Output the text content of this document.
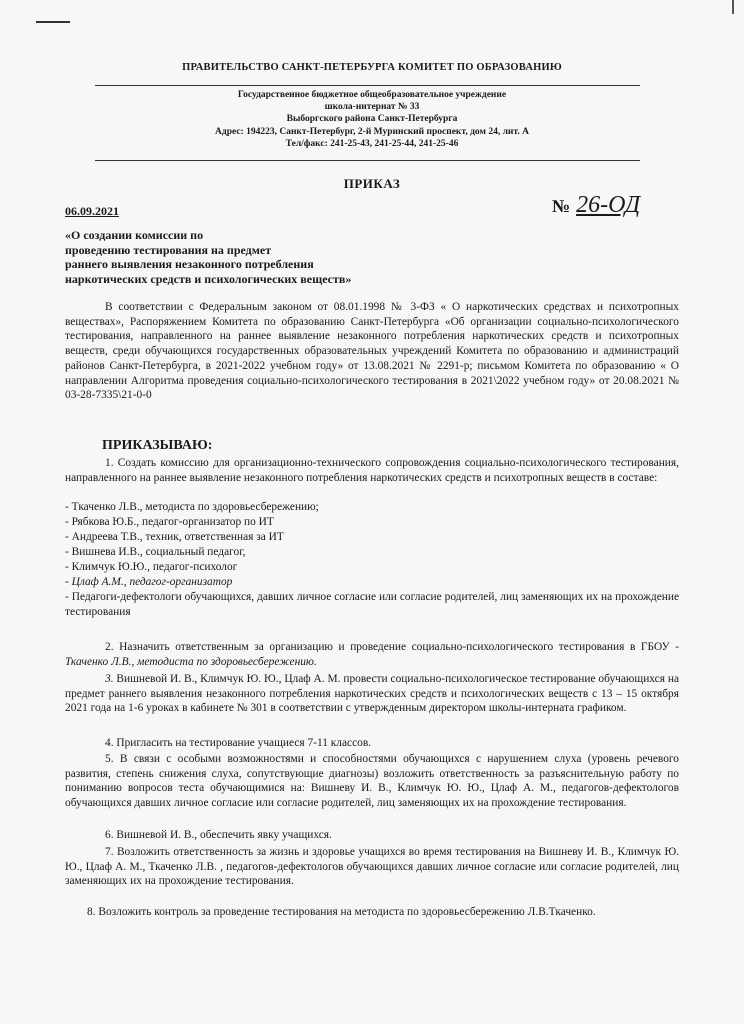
ПРАВИТЕЛЬСТВО САНКТ-ПЕТЕРБУРГА КОМИТЕТ ПО ОБРАЗОВАНИЮ
Государственное бюджетное общеобразовательное учреждение
школа-интернат № 33
Выборгского района Санкт-Петербурга
Адрес: 194223, Санкт-Петербург, 2-й Муринский проспект, дом 24, лит. А
Тел/факс: 241-25-43, 241-25-44, 241-25-46
ПРИКАЗ
06.09.2021	№ 26-ОД
«О создании комиссии по
проведению тестирования на предмет
раннего выявления незаконного потребления
наркотических средств и психологических веществ»
В соответствии с Федеральным законом от 08.01.1998 № 3-ФЗ « О наркотических средствах и психотропных веществах», Распоряжением Комитета по образованию Санкт-Петербурга «Об организации социально-психологического тестирования, направленного на раннее выявление незаконного потребления наркотических средств и психотропных веществ, среди обучающихся государственных образовательных учреждений Комитета по образованию и администраций районов Санкт-Петербурга, в 2021-2022 учебном году» от 13.08.2021 № 2291-р; письмом Комитета по образованию « О направлении Алгоритма проведения социально-психологического тестирования в 2021\2022 учебном году» от 20.08.2021 № 03-28-7335\21-0-0
ПРИКАЗЫВАЮ:
1. Создать комиссию для организационно-технического сопровождения социально-психологического тестирования, направленного на раннее выявление незаконного потребления наркотических средств и психотропных веществ в составе:
- Ткаченко Л.В., методиста по здоровьесбережению;
- Рябкова Ю.Б., педагог-организатор по ИТ
- Андреева Т.В., техник, ответственная за ИТ
- Вишнева И.В., социальный педагог,
- Климчук Ю.Ю., педагог-психолог
- Цлаф А.М., педагог-организатор
- Педагоги-дефектологи обучающихся, давших личное согласие или согласие родителей, лиц заменяющих их на прохождение тестирования
2. Назначить ответственным за организацию и проведение социально-психологического тестирования в ГБОУ - Ткаченко Л.В., методиста по здоровьесбережению.
3. Вишневой И. В., Климчук Ю. Ю., Цлаф А. М. провести социально-психологическое тестирование обучающихся на предмет раннего выявления незаконного потребления наркотических средств и психологических веществ с 13 – 15 октября 2021 года на 1-6 уроках в кабинете № 301 в соответствии с утвержденным директором школы-интерната графиком.
4. Пригласить на тестирование учащиеся 7-11 классов.
5. В связи с особыми возможностями и способностями обучающихся с нарушением слуха (уровень речевого развития, степень снижения слуха, сопутствующие диагнозы) возложить ответственность за разъяснительную работу по пониманию вопросов теста обучающимися на: Вишневу И. В., Климчук Ю. Ю., Цлаф А. М., педагогов-дефектологов обучающихся давших личное согласие или согласие родителей, лиц заменяющих их на прохождение тестирования.
6. Вишневой И. В., обеспечить явку учащихся.
7. Возложить ответственность за жизнь и здоровье учащихся во время тестирования на Вишневу И. В., Климчук Ю. Ю., Цлаф А. М., Ткаченко Л.В. , педагогов-дефектологов обучающихся давших личное согласие или согласие родителей, лиц заменяющих их на прохождение тестирования.
8. Возложить контроль за проведение тестирования на методиста по здоровьесбережению Л.В.Ткаченко.
